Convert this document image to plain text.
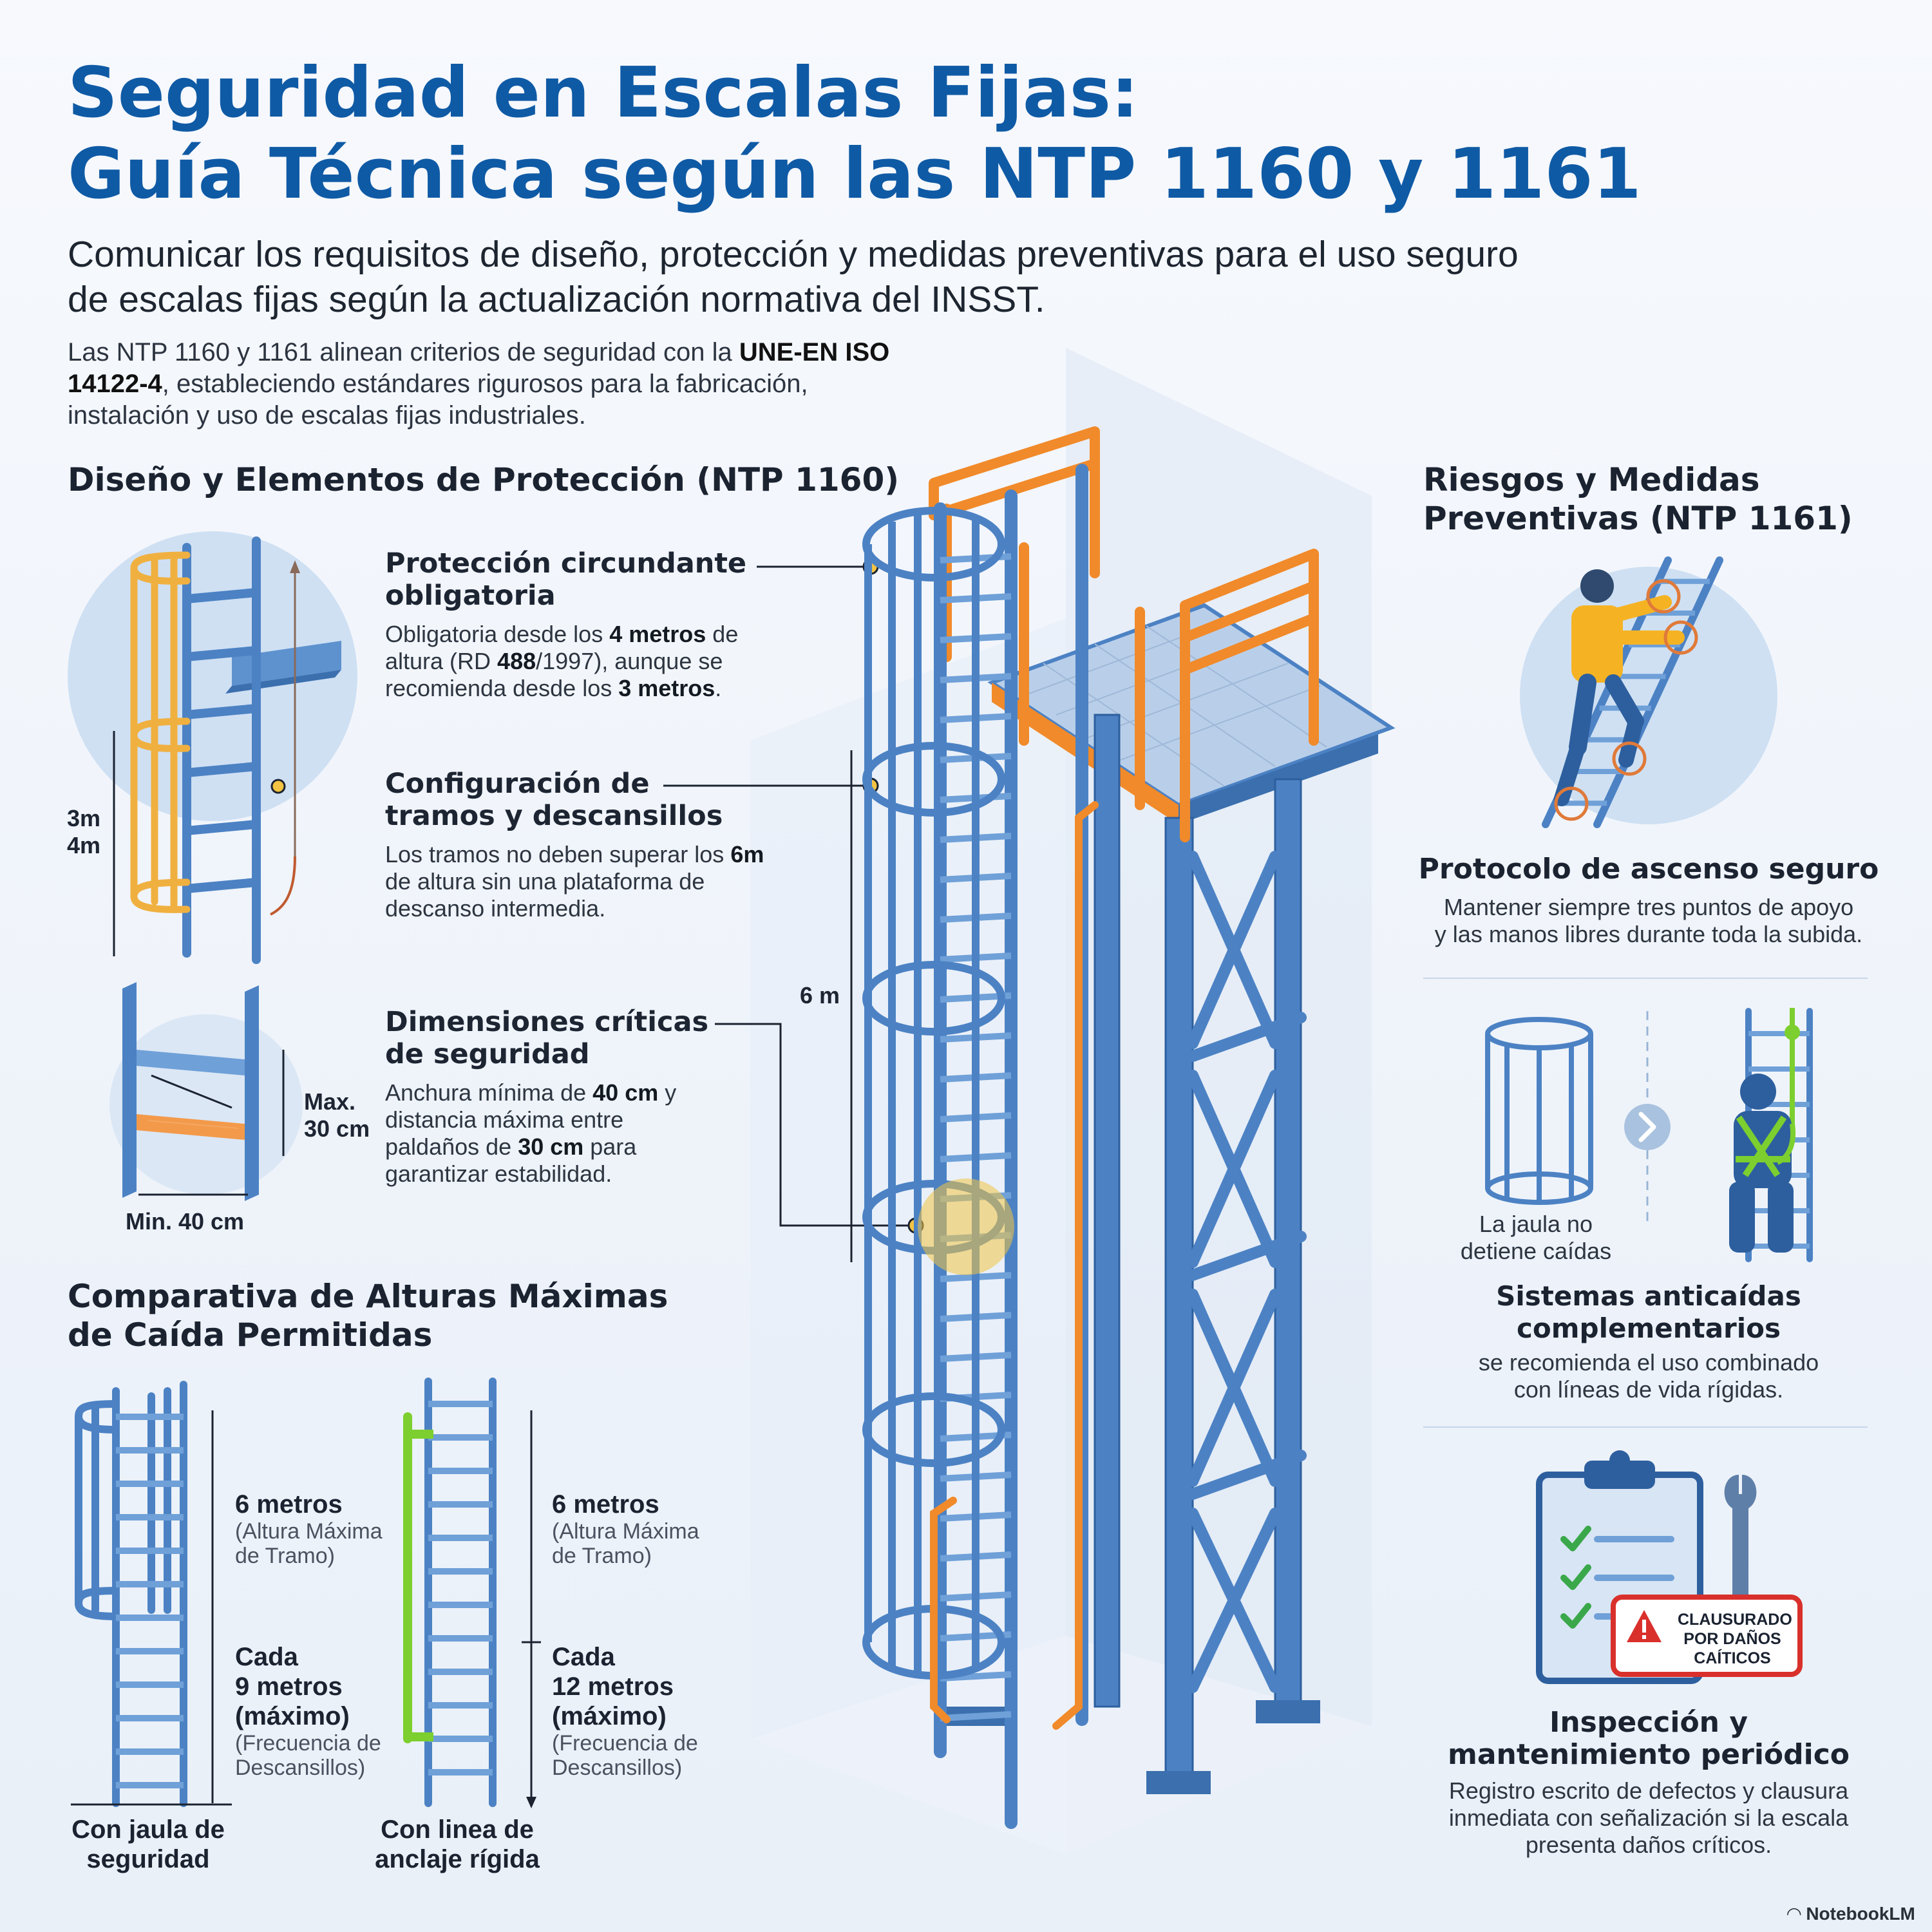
Seguridad en Escalas Fijas:
Guía Técnica según las NTP 1160 y 1161
Comunicar los requisitos de diseño, protección y medidas preventivas para el uso seguro
de escalas fijas según la actualización normativa del INSST.
Las NTP 1160 y 1161 alinean criterios de seguridad con la UNE-EN ISO 14122-4, estableciendo estándares rigurosos para la fabricación, instalación y uso de escalas fijas industriales.
Diseño y Elementos de Protección (NTP 1160)
3m
4m
Max.
30 cm
Min. 40 cm
Protección circundante
obligatoria
Obligatoria desde los 4 metros de altura (RD 488/1997), aunque se recomienda desde los 3 metros.
Configuración de
tramos y descansillos
Los tramos no deben superar los 6m de altura sin una plataforma de descanso intermedia.
Dimensiones críticas
de seguridad
Anchura mínima de 40 cm y distancia máxima entre paldaños de 30 cm para garantizar estabilidad.
6 m
Comparativa de Alturas Máximas
de Caída Permitidas
6 metros
(Altura Máxima
de Tramo)
Cada
9 metros
(máximo)
(Frecuencia de
Descansillos)
Con jaula de
seguridad
6 metros
(Altura Máxima
de Tramo)
Cada
12 metros
(máximo)
(Frecuencia de
Descansillos)
Con linea de
anclaje rígida
Riesgos y Medidas
Preventivas (NTP 1161)
Protocolo de ascenso seguro
Mantener siempre tres puntos de apoyo
y las manos libres durante toda la subida.
La jaula no
detiene caídas
Sistemas anticaídas
complementarios
se recomienda el uso combinado
con líneas de vida rígidas.
CLAUSURADO
POR DAÑOS
CAÍTICOS
Inspección y
mantenimiento periódico
Registro escrito de defectos y clausura
inmediata con señalización si la escala
presenta daños críticos.
◠ NotebookLM
